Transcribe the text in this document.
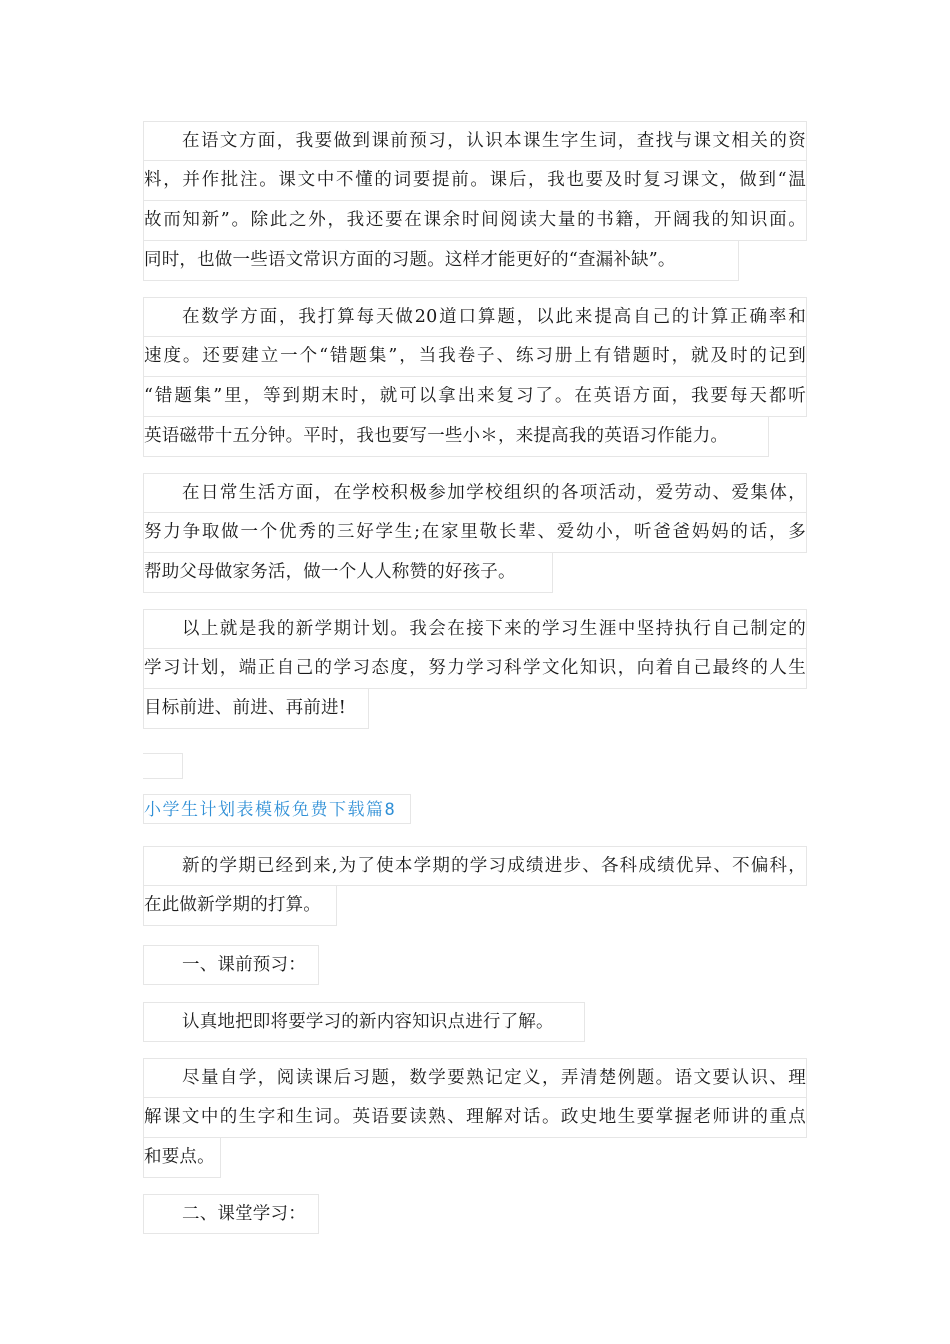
在语文方面，我要做到课前预习，认识本课生字生词，查找与课文相关的资
料，并作批注。课文中不懂的词要提前。课后，我也要及时复习课文，做到“温
故而知新”。除此之外，我还要在课余时间阅读大量的书籍，开阔我的知识面。
同时，也做一些语文常识方面的习题。这样才能更好的“查漏补缺”。
在数学方面，我打算每天做20道口算题，以此来提高自己的计算正确率和
速度。还要建立一个“错题集”，当我卷子、练习册上有错题时，就及时的记到
“错题集”里，等到期末时，就可以拿出来复习了。在英语方面，我要每天都听
英语磁带十五分钟。平时，我也要写一些小＊，来提高我的英语习作能力。
在日常生活方面，在学校积极参加学校组织的各项活动，爱劳动、爱集体，
努力争取做一个优秀的三好学生;在家里敬长辈、爱幼小，听爸爸妈妈的话，多
帮助父母做家务活，做一个人人称赞的好孩子。
以上就是我的新学期计划。我会在接下来的学习生涯中坚持执行自己制定的
学习计划，端正自己的学习态度，努力学习科学文化知识，向着自己最终的人生
目标前进、前进、再前进!
小学生计划表模板免费下载篇8
新的学期已经到来,为了使本学期的学习成绩进步、各科成绩优异、不偏科，
在此做新学期的打算。
一、课前预习：
认真地把即将要学习的新内容知识点进行了解。
尽量自学，阅读课后习题，数学要熟记定义，弄清楚例题。语文要认识、理
解课文中的生字和生词。英语要读熟、理解对话。政史地生要掌握老师讲的重点
和要点。
二、课堂学习：
